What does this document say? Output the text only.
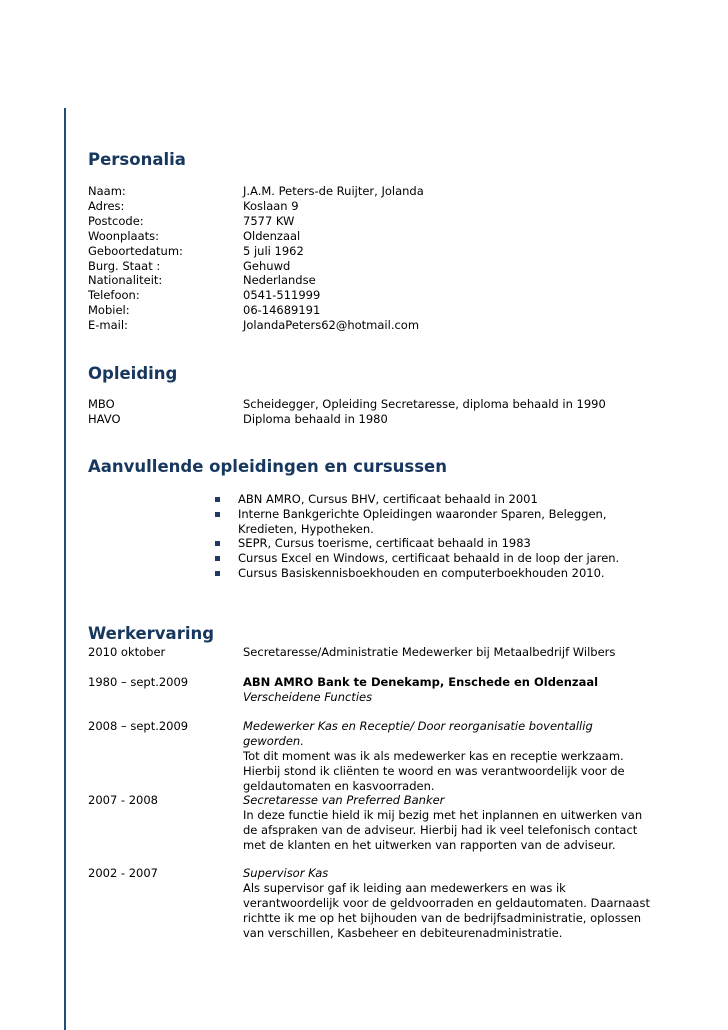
Personalia
Naam:	J.A.M. Peters-de Ruijter, Jolanda
Adres:	Koslaan 9
Postcode:	7577 KW
Woonplaats:	Oldenzaal
Geboortedatum:	5 juli 1962
Burg. Staat :	Gehuwd
Nationaliteit:	Nederlandse
Telefoon:	0541-511999
Mobiel:	06-14689191
E-mail:	JolandaPeters62@hotmail.com
Opleiding
MBO	Scheidegger, Opleiding Secretaresse, diploma behaald in 1990
HAVO	Diploma behaald in 1980
Aanvullende opleidingen en cursussen
ABN AMRO, Cursus BHV, certificaat behaald in 2001
Interne Bankgerichte Opleidingen waaronder Sparen, Beleggen, Kredieten, Hypotheken.
SEPR, Cursus toerisme, certificaat behaald in 1983
Cursus Excel en Windows, certificaat behaald in de loop der jaren.
Cursus Basiskennisboekhouden en computerboekhouden 2010.
Werkervaring
2010 oktober	Secretaresse/Administratie Medewerker bij Metaalbedrijf Wilbers
1980 – sept.2009	ABN AMRO Bank te Denekamp, Enschede en Oldenzaal
Verscheidene Functies
2008 – sept.2009	Medewerker Kas en Receptie/ Door reorganisatie boventallig geworden.
Tot dit moment was ik als medewerker kas en receptie werkzaam. Hierbij stond ik cliënten te woord en was verantwoordelijk voor de geldautomaten en kasvoorraden.
2007 - 2008	Secretaresse van Preferred Banker
In deze functie hield ik mij bezig met het inplannen en uitwerken van de afspraken van de adviseur. Hierbij had ik veel telefonisch contact met de klanten en het uitwerken van rapporten van de adviseur.
2002 - 2007	Supervisor Kas
Als supervisor gaf ik leiding aan medewerkers en was ik verantwoordelijk voor de geldvoorraden en geldautomaten. Daarnaast richtte ik me op het bijhouden van de bedrijfsadministratie, oplossen van verschillen, Kasbeheer en debiteurenadministratie.
